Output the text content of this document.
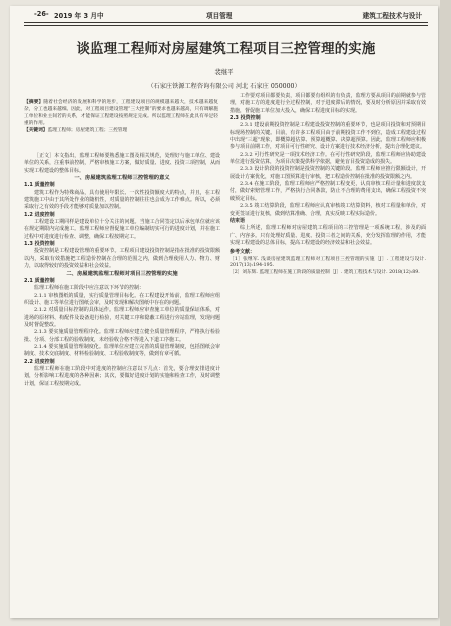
-26- 2019 年 3 月中	项目管理	建筑工程技术与设计
谈监理工程师对房屋建筑工程项目三控管理的实施
裴继平
（石家庄铁源工程咨询有限公司 河北 石家庄 050000）
【摘要】随着社会经济的发展和科学的进步，工程建设项目的规模越来越大，技术越来越复杂，分工也越来越细。因此，对工程项目建设管理“三大控制”的要求也越来越高，只有调解施工单位和业主间若的关系，才能保证工程建设按照规定完成。所以监理工程师在此具有举足轻重的作用。
【关键词】监理工程师；房屋建筑工程；三控管理

［正文］本文指出，监理工程师要熟悉施工图及相关规范，处理好与施工单位、建设单位的关系，注重事前控制，严格审核施工方案，做好质量、进度、投资三项控制，从而实现工程建设的整体目标。

一、房屋建筑监理工程师三控管理的意义

1.1 质量控制

建筑工程作为特殊商品，具有使用年限长、一次性投资额度大的特点，并且，在工程建筑施工中由于其所处作业的随机性，对质量的控制往往也会成为工作难点。所以，必须采取行之有效的手段才能够对质量加以控制。

1.2 进度控制

工程建设工期同样是建设单位十分关注的问题。当施工合同签定以后承包单位就应该在规定期限内完成施工。监理工程师应督促施工单位编制切实可行的进度计划，并在施工过程中对进度进行检查、调整，确保工程按期完工。

1.3 投资控制

投资控制是工程建设管理的重要环节。工程项目建设投资控制是指在批准的投资限额以内，采取有效措施把工程造价控制在合理的范围之内，做到合理使用人力、物力、财力，以取得较好的投资效益和社会效益。

二、房屋建筑监理工程师对项目三控管理的实施

2.1 质量控制

监理工程师在施工阶段中应注意以下环节的控制：

2.1.1 审核图纸的质量，实行质量管理目标化。在工程建设开始前，监理工程师应组织设计、施工等单位进行图纸会审，及时发现和解决图纸中存在的问题。

2.1.2 对质量目标控制的具体运作。监理工程师应审查施工单位的质量保证体系，对进场的原材料、构配件及设备进行检验，对关键工序和隐蔽工程进行旁站监理，发现问题及时督促整改。

2.1.3 要实施质量管理程序化。监理工程师应建立健全质量管理程序，严格执行检验批、分项、分部工程的验收制度，未经验收合格不得进入下道工序施工。

2.1.4 要实施质量管理制度化。监理单位应建立完善的质量管理制度，包括图纸会审制度、技术交底制度、材料检验制度、工程验收制度等，做到有章可循。

2.2 进度控制

监理工程师在施工阶段中对进度的控制应注意以下几点：首先，要合理安排进度计划，分析影响工程进度的各种因素；其次，要做好进度计划的实施和检查工作，及时调整计划，保证工程按期完成。

工作要对项目都要负责，项目都要有组织的有负责，监理方要从项目的前期就参与管理，对施工方的进度进行全过程控制，对于进度滞后的情况，要及时分析原因并采取有效措施，督促施工单位加大投入，确保工程进度目标的实现。

2.3 投资控制

2.3.1 建设前期投资控制是工程建设投资控制的重要环节，也是项目投资和对预期目标现场控制的关键。目前，有许多工程项目由于前期投资工作不到位，造成工程建设过程中出现“三超”现象，即概算超估算、预算超概算、决算超预算。因此，监理工程师应积极参与项目前期工作，对项目可行性研究、设计方案进行技术经济分析，提出合理化建议。

2.3.2 可行性研究是一项技术经济工作。在可行性研究阶段，监理工程师应协助建设单位进行投资估算，为项目决策提供科学依据，避免盲目投资造成的损失。

2.3.3 设计阶段的投资控制是投资控制的关键阶段。监理工程师应推行限额设计，开展设计方案优化，对施工图预算进行审核，把工程造价控制在批准的投资限额之内。

2.3.4 在施工阶段，监理工程师应严格控制工程变更，认真审核工程计量和进度款支付，做好索赔管理工作，严格执行合同条款，防止不合理的费用支出，确保工程投资不突破预定目标。

2.3.5 竣工结算阶段，监理工程师应认真审核竣工结算资料，核对工程量和单价，对变更签证进行复核，做到结算准确、合理，真实反映工程实际造价。

结束语

综上所述，监理工程师对房屋建筑工程项目的三控管理是一项系统工程，涉及的面广、内容多。只有处理好质量、进度、投资三者之间的关系，充分发挥监理的作用，才能实现工程建设的总体目标，提高工程建设的经济效益和社会效益。

参考文献：

［1］张继军. 浅谈房屋建筑监理工程师对工程项目三控管理的实施［J］. 工程建设与设计. 2017(13):194-195.

［2］刘东辉. 监理工程师在施工阶段的质量控制［J］. 建筑工程技术与设计. 2018(12):89.
